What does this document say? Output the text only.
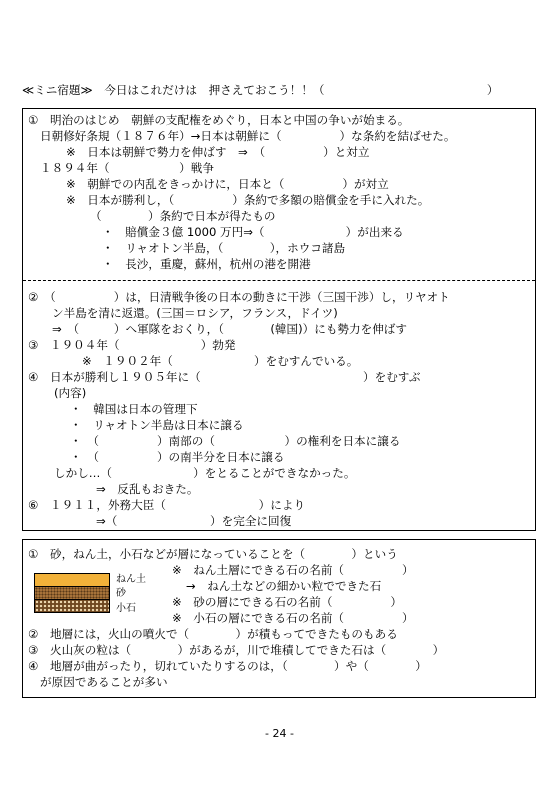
≪ミニ宿題≫　今日はこれだけは　押さえておこう！！（　　　　　　　　　　　　　　）
①　明治のはじめ　朝鮮の支配権をめぐり，日本と中国の争いが始まる。
日朝修好条規（１８７６年）→日本は朝鮮に（　　　　　）な条約を結ばせた。
※　日本は朝鮮で勢力を伸ばす　⇒　（　　　　　）と対立
１８９４年（　　　　　　）戦争
※　朝鮮での内乱をきっかけに，日本と（　　　　　）が対立
※　日本が勝利し，（　　　　　）条約で多額の賠償金を手に入れた。
（　　　　）条約で日本が得たもの
・　賠償金３億 1000 万円⇒（　　　　　　　）が出来る
・　リャオトン半島，（　　　　），ホウコ諸島
・　長沙，重慶，蘇州，杭州の港を開港
②　（　　　　　）は，日清戦争後の日本の動きに干渉（三国干渉）し，リヤオト
ン半島を清に返還。(三国＝ロシア，フランス，ドイツ)
⇒　（　　　）へ軍隊をおくり，（　　　　(韓国)）にも勢力を伸ばす
③　１９０４年（　　　　　　　）勃発
※　１９０２年（　　　　　　　）をむすんでいる。
④　日本が勝利し１９０５年に（　　　　　　　　　　　　　　）をむすぶ
(内容)
・　韓国は日本の管理下
・　リャオトン半島は日本に譲る
・　（　　　　　）南部の（　　　　　　）の権利を日本に譲る
・　（　　　　　）の南半分を日本に譲る
しかし…（　　　　　　　）をとることができなかった。
⇒　反乱もおきた。
⑥　１９１１，外務大臣（　　　　　　　　）により
⇒（　　　　　　　　）を完全に回復
①　砂，ねん土，小石などが層になっていることを（　　　　）という
※　ねん土層にできる石の名前（　　　　　）
→　ねん土などの細かい粒でできた石
※　砂の層にできる石の名前（　　　　　）
※　小石の層にできる石の名前（　　　　　）
②　地層には，火山の噴火で（　　　　）が積もってできたものもある
③　火山灰の粒は（　　　　）があるが，川で堆積してできた石は（　　　　）
④　地層が曲がったり，切れていたりするのは，（　　　　）や（　　　　）
が原因であることが多い
ねん土
砂
小石
- 24 -
